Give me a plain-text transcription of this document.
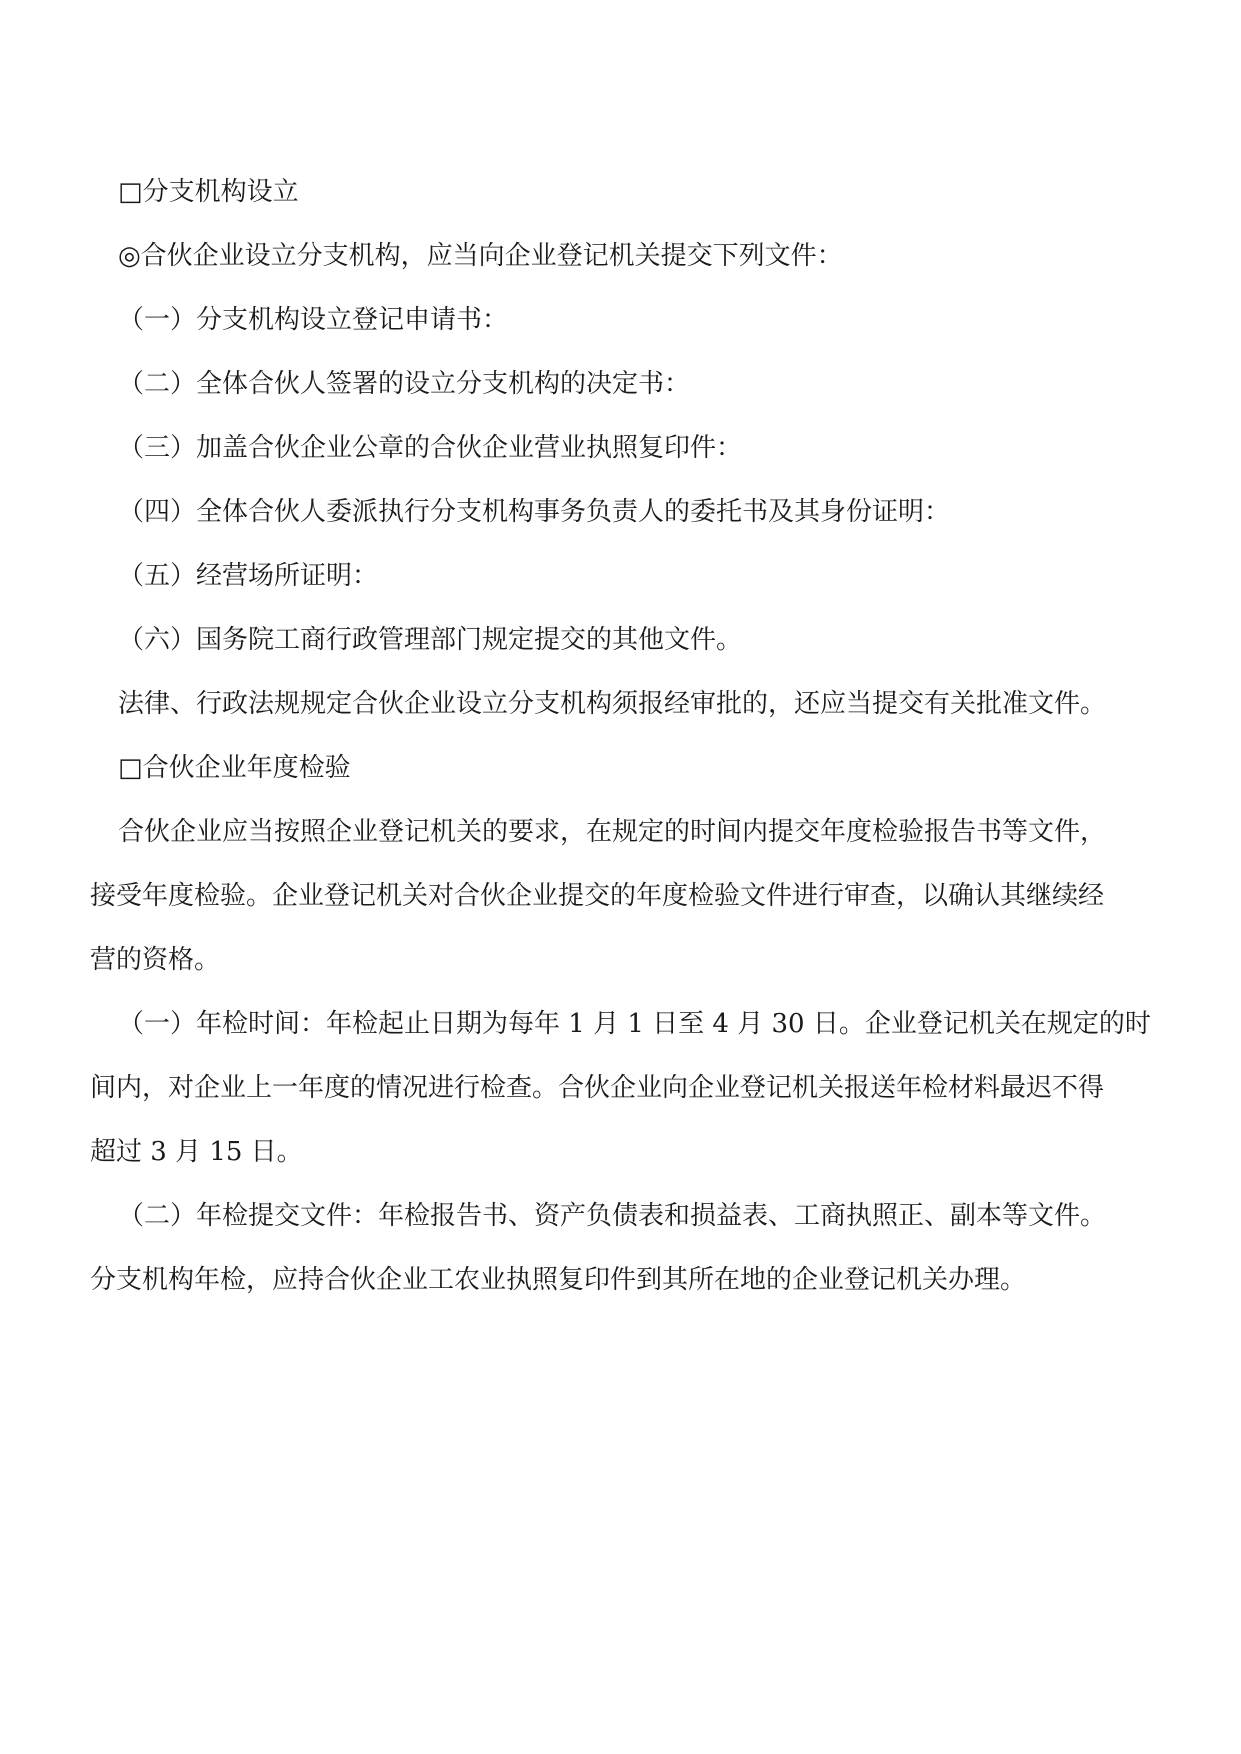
□分支机构设立

◎合伙企业设立分支机构，应当向企业登记机关提交下列文件：

（一）分支机构设立登记申请书：

（二）全体合伙人签署的设立分支机构的决定书：

（三）加盖合伙企业公章的合伙企业营业执照复印件：

（四）全体合伙人委派执行分支机构事务负责人的委托书及其身份证明：

（五）经营场所证明：

（六）国务院工商行政管理部门规定提交的其他文件。

法律、行政法规规定合伙企业设立分支机构须报经审批的，还应当提交有关批准文件。

□合伙企业年度检验

合伙企业应当按照企业登记机关的要求，在规定的时间内提交年度检验报告书等文件，

接受年度检验。企业登记机关对合伙企业提交的年度检验文件进行审查，以确认其继续经

营的资格。

（一）年检时间：年检起止日期为每年 1 月 1 日至 4 月 30 日。企业登记机关在规定的时

间内，对企业上一年度的情况进行检查。合伙企业向企业登记机关报送年检材料最迟不得

超过 3 月 15 日。

（二）年检提交文件：年检报告书、资产负债表和损益表、工商执照正、副本等文件。

分支机构年检，应持合伙企业工农业执照复印件到其所在地的企业登记机关办理。
